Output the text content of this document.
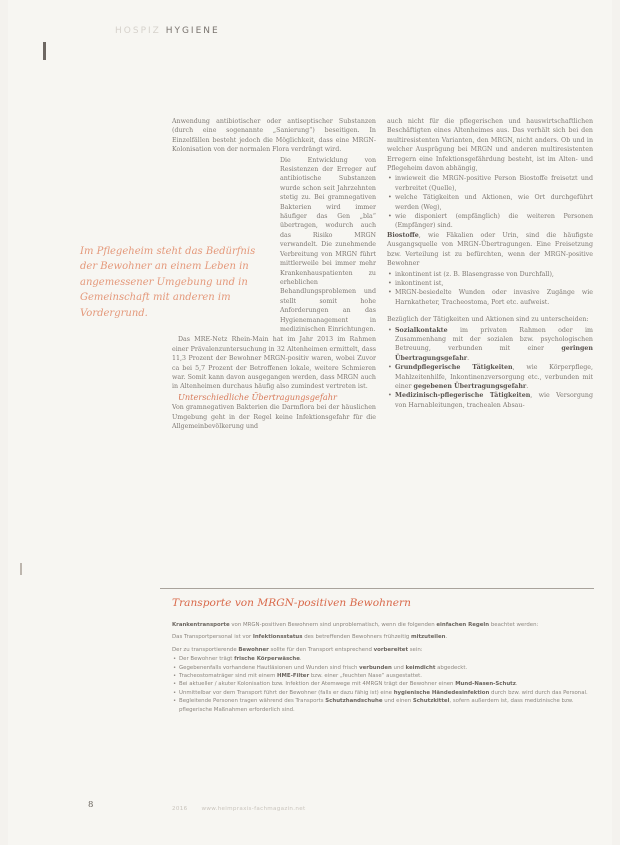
HOSPIZ HYGIENE

Anwendung antibiotischer oder antiseptischer Substanzen (durch eine sogenannte „Sanierung“) beseitigen. In Einzelfällen besteht jedoch die Möglichkeit, dass eine MRGN-Kolonisation von der normalen Flora verdrängt wird.

Die Entwicklung von Resistenzen der Erreger auf antibiotische Substanzen wurde schon seit Jahrzehnten stetig zu. Bei gramnegativen Bakterien wird immer häufiger das Gen „bla“ übertragen, wodurch auch das Risiko MRGN verwandelt. Die zunehmende Verbreitung von MRGN führt mittlerweile bei immer mehr Krankenhauspatienten zu erheblichen Behandlungsproblemen und stellt somit hohe Anforderungen an das Hygienemanagement in medizinischen Einrichtungen.

Das MRE-Netz Rhein-Main hat im Jahr 2013 im Rahmen einer Prävalenzuntersuchung in 32 Altenheimen ermittelt, dass 11,3 Prozent der Bewohner MRGN-positiv waren, wobei Zuvor ca bei 5,7 Prozent der Betroffenen lokale, weitere Schmieren war. Somit kann davon ausgegangen werden, dass MRGN auch in Altenheimen durchaus häufig also zumindest vertreten ist.

Unterschiedliche Übertragungsgefahr

Von gramnegativen Bakterien die Darmflora bei der häuslichen Umgebung geht in der Regel keine Infektionsgefahr für die Allgemeinbevölkerung und

Im Pflegeheim steht das Bedürfnis der Bewohner an einem Leben in angemessener Umgebung und in Gemeinschaft mit anderen im Vordergrund.

auch nicht für die pflegerischen und hauswirtschaftlichen Beschäftigten eines Altenheimes aus. Das verhält sich bei den multiresistenten Varianten, den MRGN, nicht anders. Ob und in welcher Ausprägung bei MRGN und anderen multiresistenten Erregern eine Infektionsgefährdung besteht, ist im Alten- und Pflegeheim davon abhängig,

• inwieweit die MRGN-positive Person Biostoffe freisetzt und verbreitet (Quelle),
• welche Tätigkeiten und Aktionen, wie Ort durchgeführt werden (Weg),
• wie disponiert (empfänglich) die weiteren Personen (Empfänger) sind.

Biostoffe, wie Fäkalien oder Urin, sind die häufigste Ausgangsquelle von MRGN-Übertragungen. Eine Freisetzung bzw. Verteilung ist zu befürchten, wenn der MRGN-positive Bewohner

• inkontinent ist (z. B. Blasengrasse von Durchfall),
• inkontinent ist,
• MRGN-besiedelte Wunden oder invasive Zugänge wie Harnkatheter, Tracheostoma, Port etc. aufweist.

Bezüglich der Tätigkeiten und Aktionen sind zu unterscheiden:

• Sozialkontakte im privaten Rahmen oder im Zusammenhang mit der sozialen bzw. psychologischen Betreuung, verbunden mit einer geringen Übertragungsgefahr.
• Grundpflegerische Tätigkeiten, wie Körperpflege, Mahlzeitenhilfe, Inkontinenzversorgung etc., verbunden mit einer gegebenen Übertragungsgefahr.
• Medizinisch-pflegerische Tätigkeiten, wie Versorgung von Harnableitungen, trachealen Absau-
Transporte von MRGN-positiven Bewohnern

Krankentransporte von MRGN-positiven Bewohnern sind unproblematisch, wenn die folgenden einfachen Regeln beachtet werden:

Das Transportpersonal ist vor Infektionsstatus des betreffenden Bewohners frühzeitig mitzuteilen.

Der zu transportierende Bewohner sollte für den Transport entsprechend vorbereitet sein:

• Der Bewohner trägt frische Körperwäsche.
• Gegebenenfalls vorhandene Hautläsionen und Wunden sind frisch verbunden und keimdicht abgedeckt.
• Tracheostomaträger sind mit einem HME-Filter bzw. einer „feuchten Nase“ ausgestattet.
• Bei aktueller / akuter Kolonisation bzw. Infektion der Atemwege mit 4MRGN trägt der Bewohner einen Mund-Nasen-Schutz.
• Unmittelbar vor dem Transport führt der Bewohner (falls er dazu fähig ist) eine hygienische Händedesinfektion durch bzw. wird durch das Personal.
• Begleitende Personen tragen während des Transports Schutzhandschuhe und einen Schutzkittel, sofern außerdem ist, dass medizinische bzw. pflegerische Maßnahmen erforderlich sind.
8	2016	www.heimpraxis-fachmagazin.net
